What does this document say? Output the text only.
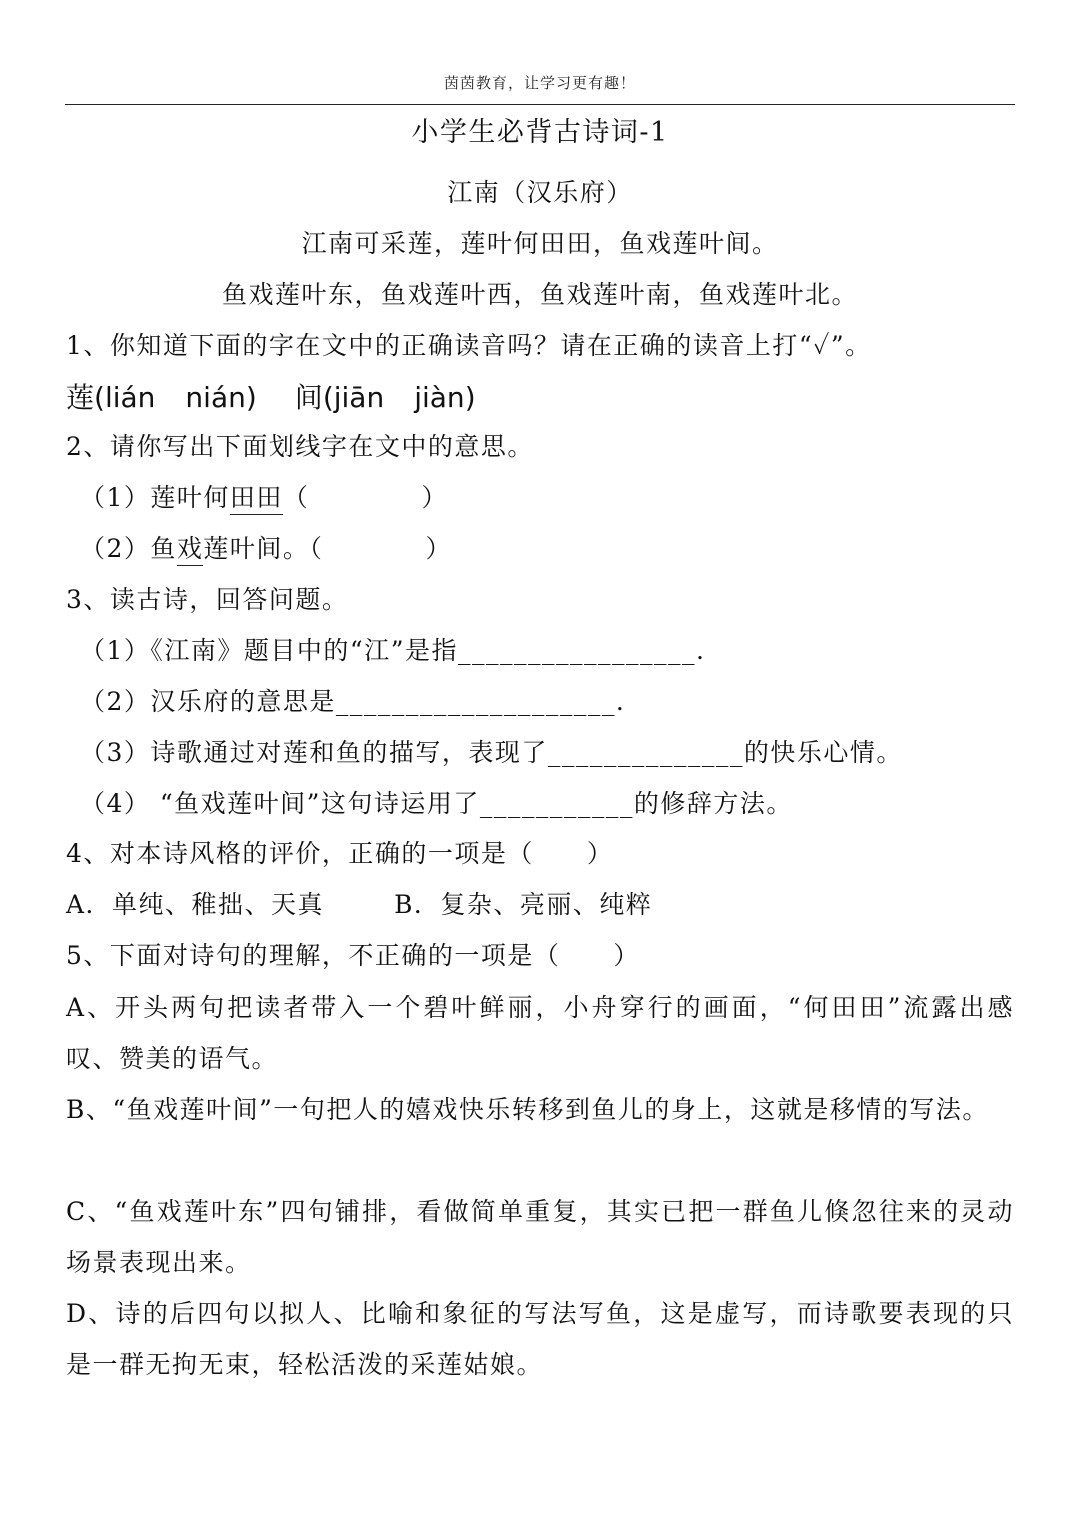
茵茵教育，让学习更有趣！
小学生必背古诗词-1
江南（汉乐府）
江南可采莲，莲叶何田田，鱼戏莲叶间。
鱼戏莲叶东，鱼戏莲叶西，鱼戏莲叶南，鱼戏莲叶北。
1、你知道下面的字在文中的正确读音吗？请在正确的读音上打“✓”。
莲(lián nián) 间(jiān jiàn)
2、请你写出下面划线字在文中的意思。
（1）莲叶何田田（	）
（2）鱼戏莲叶间。（	）
3、读古诗，回答问题。
（1）《江南》题目中的“江”是指_________________.
（2）汉乐府的意思是____________________.
（3）诗歌通过对莲和鱼的描写，表现了______________的快乐心情。
（4） “鱼戏莲叶间”这句诗运用了___________的修辞方法。
4、对本诗风格的评价，正确的一项是（　　）
A．单纯、稚拙、天真	B．复杂、亮丽、纯粹
5、下面对诗句的理解，不正确的一项是（　　）
A、开头两句把读者带入一个碧叶鲜丽，小舟穿行的画面，“何田田”流露出感叹、赞美的语气。
B、“鱼戏莲叶间”一句把人的嬉戏快乐转移到鱼儿的身上，这就是移情的写法。
C、“鱼戏莲叶东”四句铺排，看做简单重复，其实已把一群鱼儿倏忽往来的灵动场景表现出来。
D、诗的后四句以拟人、比喻和象征的写法写鱼，这是虚写，而诗歌要表现的只是一群无拘无束，轻松活泼的采莲姑娘。
